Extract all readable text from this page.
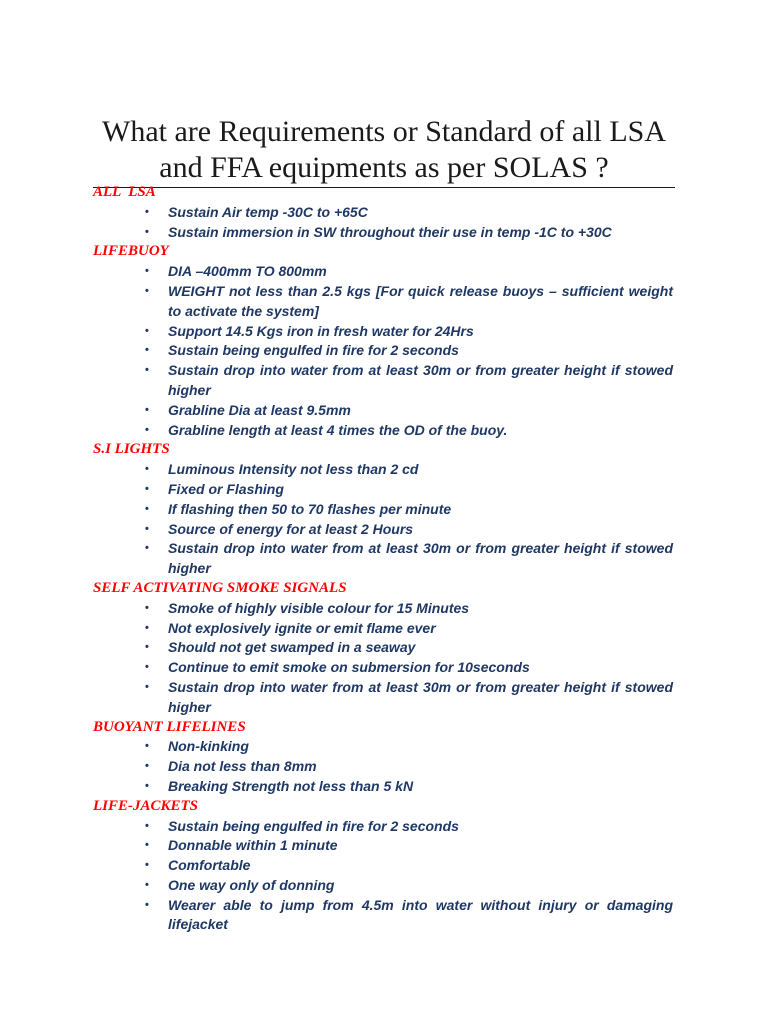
What are Requirements or Standard of all LSA and FFA equipments as per SOLAS ?
ALL  LSA
• Sustain Air temp -30C to +65C
• Sustain immersion in SW throughout their use in temp -1C to +30C
LIFEBUOY
• DIA –400mm TO 800mm
• WEIGHT not less than 2.5 kgs [For quick release buoys – sufficient weight to activate the system]
• Support 14.5 Kgs iron in fresh water for 24Hrs
• Sustain being engulfed in fire for 2 seconds
• Sustain drop into water from at least 30m or from greater height if stowed higher
• Grabline Dia at least 9.5mm
• Grabline length at least 4 times the OD of the buoy.
S.I LIGHTS
• Luminous Intensity not less than 2 cd
• Fixed or Flashing
• If flashing then 50 to 70 flashes per minute
• Source of energy for at least 2 Hours
• Sustain drop into water from at least 30m or from greater height if stowed higher
SELF ACTIVATING SMOKE SIGNALS
• Smoke of highly visible colour for 15 Minutes
• Not explosively ignite or emit flame ever
• Should not get swamped in a seaway
• Continue to emit smoke on submersion for 10seconds
• Sustain drop into water from at least 30m or from greater height if stowed higher
BUOYANT LIFELINES
• Non-kinking
• Dia not less than 8mm
• Breaking Strength not less than 5 kN
LIFE-JACKETS
• Sustain being engulfed in fire for 2 seconds
• Donnable within 1 minute
• Comfortable
• One way only of donning
• Wearer able to jump from 4.5m into water without injury or damaging lifejacket
